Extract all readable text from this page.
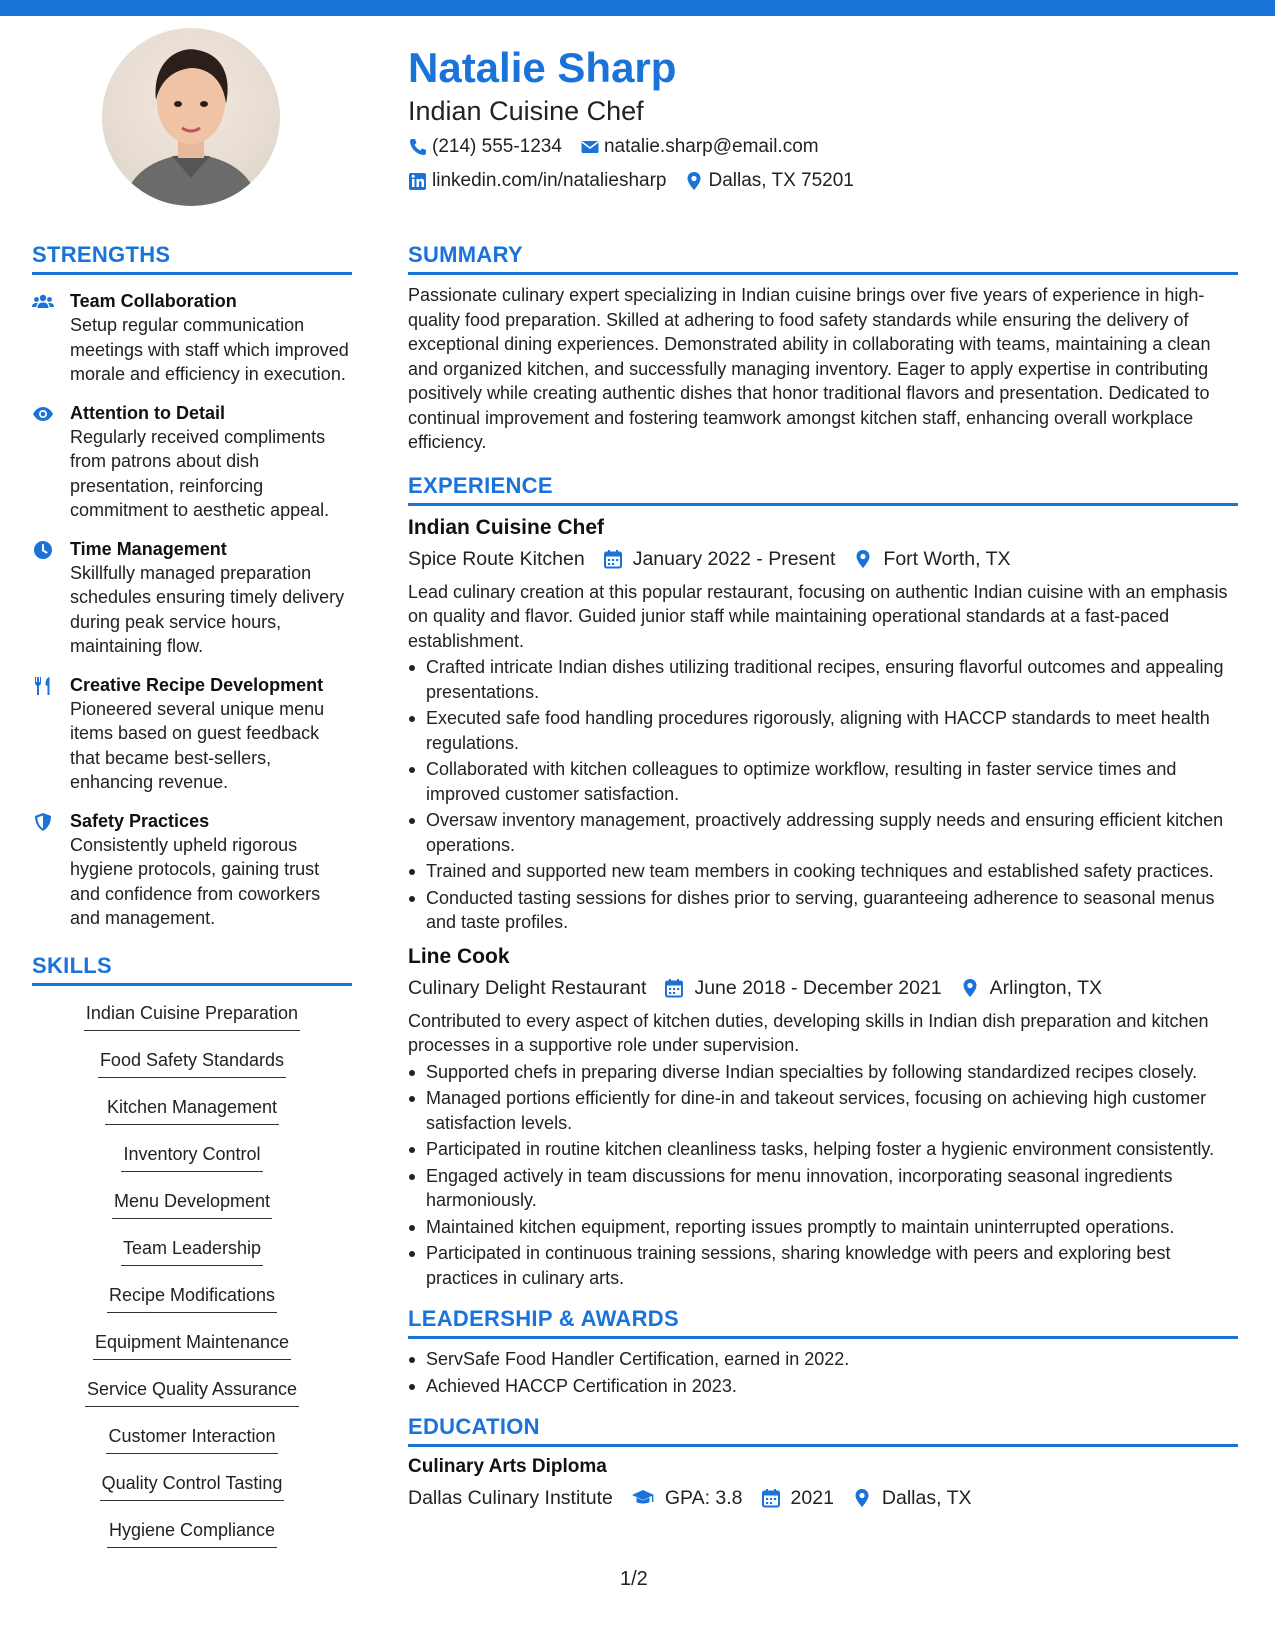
Natalie Sharp
Indian Cuisine Chef
(214) 555-1234 natalie.sharp@email.com
linkedin.com/in/nataliesharp Dallas, TX 75201
STRENGTHS
Team Collaboration
Setup regular communication meetings with staff which improved morale and efficiency in execution.
Attention to Detail
Regularly received compliments from patrons about dish presentation, reinforcing commitment to aesthetic appeal.
Time Management
Skillfully managed preparation schedules ensuring timely delivery during peak service hours, maintaining flow.
Creative Recipe Development
Pioneered several unique menu items based on guest feedback that became best-sellers, enhancing revenue.
Safety Practices
Consistently upheld rigorous hygiene protocols, gaining trust and confidence from coworkers and management.
SKILLS
Indian Cuisine Preparation
Food Safety Standards
Kitchen Management
Inventory Control
Menu Development
Team Leadership
Recipe Modifications
Equipment Maintenance
Service Quality Assurance
Customer Interaction
Quality Control Tasting
Hygiene Compliance
SUMMARY
Passionate culinary expert specializing in Indian cuisine brings over five years of experience in high-quality food preparation. Skilled at adhering to food safety standards while ensuring the delivery of exceptional dining experiences. Demonstrated ability in collaborating with teams, maintaining a clean and organized kitchen, and successfully managing inventory. Eager to apply expertise in contributing positively while creating authentic dishes that honor traditional flavors and presentation. Dedicated to continual improvement and fostering teamwork amongst kitchen staff, enhancing overall workplace efficiency.
EXPERIENCE
Indian Cuisine Chef
Spice Route Kitchen January 2022 - Present Fort Worth, TX
Lead culinary creation at this popular restaurant, focusing on authentic Indian cuisine with an emphasis on quality and flavor. Guided junior staff while maintaining operational standards at a fast-paced establishment.
Crafted intricate Indian dishes utilizing traditional recipes, ensuring flavorful outcomes and appealing presentations.
Executed safe food handling procedures rigorously, aligning with HACCP standards to meet health regulations.
Collaborated with kitchen colleagues to optimize workflow, resulting in faster service times and improved customer satisfaction.
Oversaw inventory management, proactively addressing supply needs and ensuring efficient kitchen operations.
Trained and supported new team members in cooking techniques and established safety practices.
Conducted tasting sessions for dishes prior to serving, guaranteeing adherence to seasonal menus and taste profiles.
Line Cook
Culinary Delight Restaurant June 2018 - December 2021 Arlington, TX
Contributed to every aspect of kitchen duties, developing skills in Indian dish preparation and kitchen processes in a supportive role under supervision.
Supported chefs in preparing diverse Indian specialties by following standardized recipes closely.
Managed portions efficiently for dine-in and takeout services, focusing on achieving high customer satisfaction levels.
Participated in routine kitchen cleanliness tasks, helping foster a hygienic environment consistently.
Engaged actively in team discussions for menu innovation, incorporating seasonal ingredients harmoniously.
Maintained kitchen equipment, reporting issues promptly to maintain uninterrupted operations.
Participated in continuous training sessions, sharing knowledge with peers and exploring best practices in culinary arts.
LEADERSHIP & AWARDS
ServSafe Food Handler Certification, earned in 2022.
Achieved HACCP Certification in 2023.
EDUCATION
Culinary Arts Diploma
Dallas Culinary Institute	GPA: 3.8 2021 Dallas, TX
1/2
